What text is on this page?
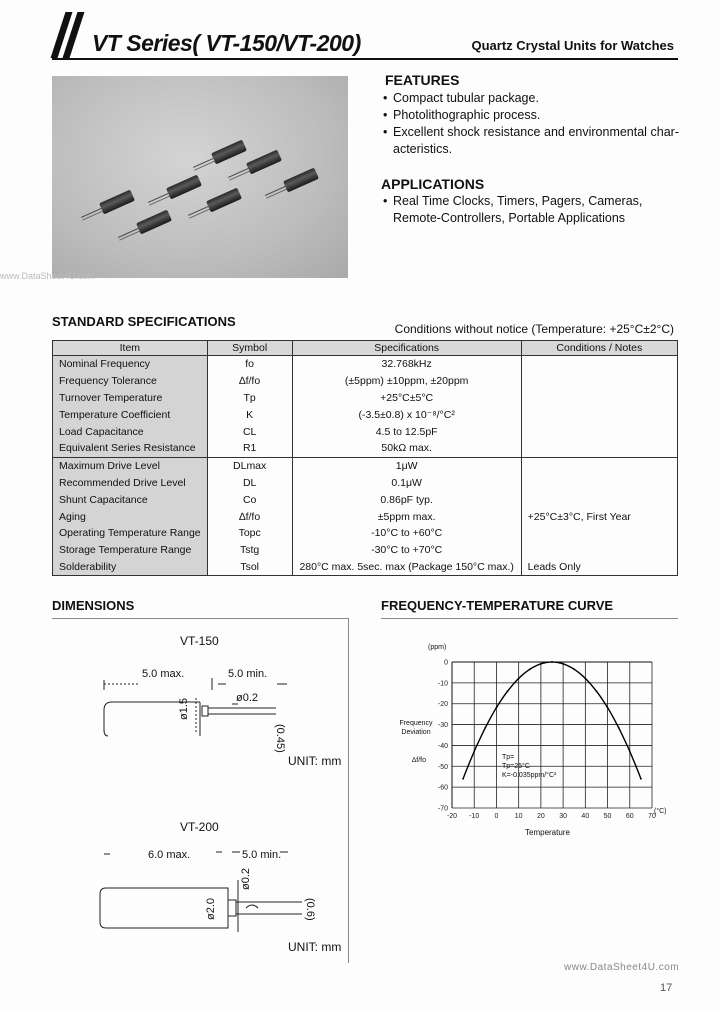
VT Series( VT-150/VT-200)	Quartz Crystal Units for Watches
www.DataSheet4U.com
FEATURES
• Compact tubular package.
• Photolithographic process.
• Excellent shock resistance and environmental char- acteristics.
APPLICATIONS
• Real Time Clocks, Timers, Pagers, Cameras, Remote-Controllers, Portable Applications
STANDARD SPECIFICATIONS	Conditions without notice (Temperature: +25°C±2°C)
Item	Symbol	Specifications	Conditions / Notes
Nominal Frequency	fo	32.768kHz	
Frequency Tolerance	∆f/fo	(±5ppm) ±10ppm, ±20ppm	
Turnover Temperature	Tp	+25°C±5°C	
Temperature Coefficient	K	(-3.5±0.8) x 10⁻⁸/°C²	
Load Capacitance	CL	4.5 to 12.5pF	
Equivalent Series Resistance	R1	50kΩ max.	
Maximum Drive Level	DLmax	1μW	
Recommended Drive Level	DL	0.1μW	
Shunt Capacitance	Co	0.86pF typ.	
Aging	∆f/fo	±5ppm max.	+25°C±3°C, First Year
Operating Temperature Range	Topc	-10°C to +60°C	
Storage Temperature Range	Tstg	-30°C to +70°C	
Solderability	Tsol	280°C max. 5sec. max (Package 150°C max.)	Leads Only
DIMENSIONS
VT-150
5.0 max.	5.0 min.
ø0.2
ø1.5
(0.45)
UNIT: mm
VT-200
6.0 max.	5.0 min.
ø0.2
ø2.0	(0.6)
UNIT: mm
FREQUENCY-TEMPERATURE CURVE
(ppm)
Frequency Deviation
∆f/fo
Temperature
(°C)
Tp=
Tp=25°C
K=-0.035ppm/°C²
-20 -10 0 10 20 30 40 50 60 70
0
-10
-20
-30
-40
-50
-60
-70
www.DataSheet4U.com
17
